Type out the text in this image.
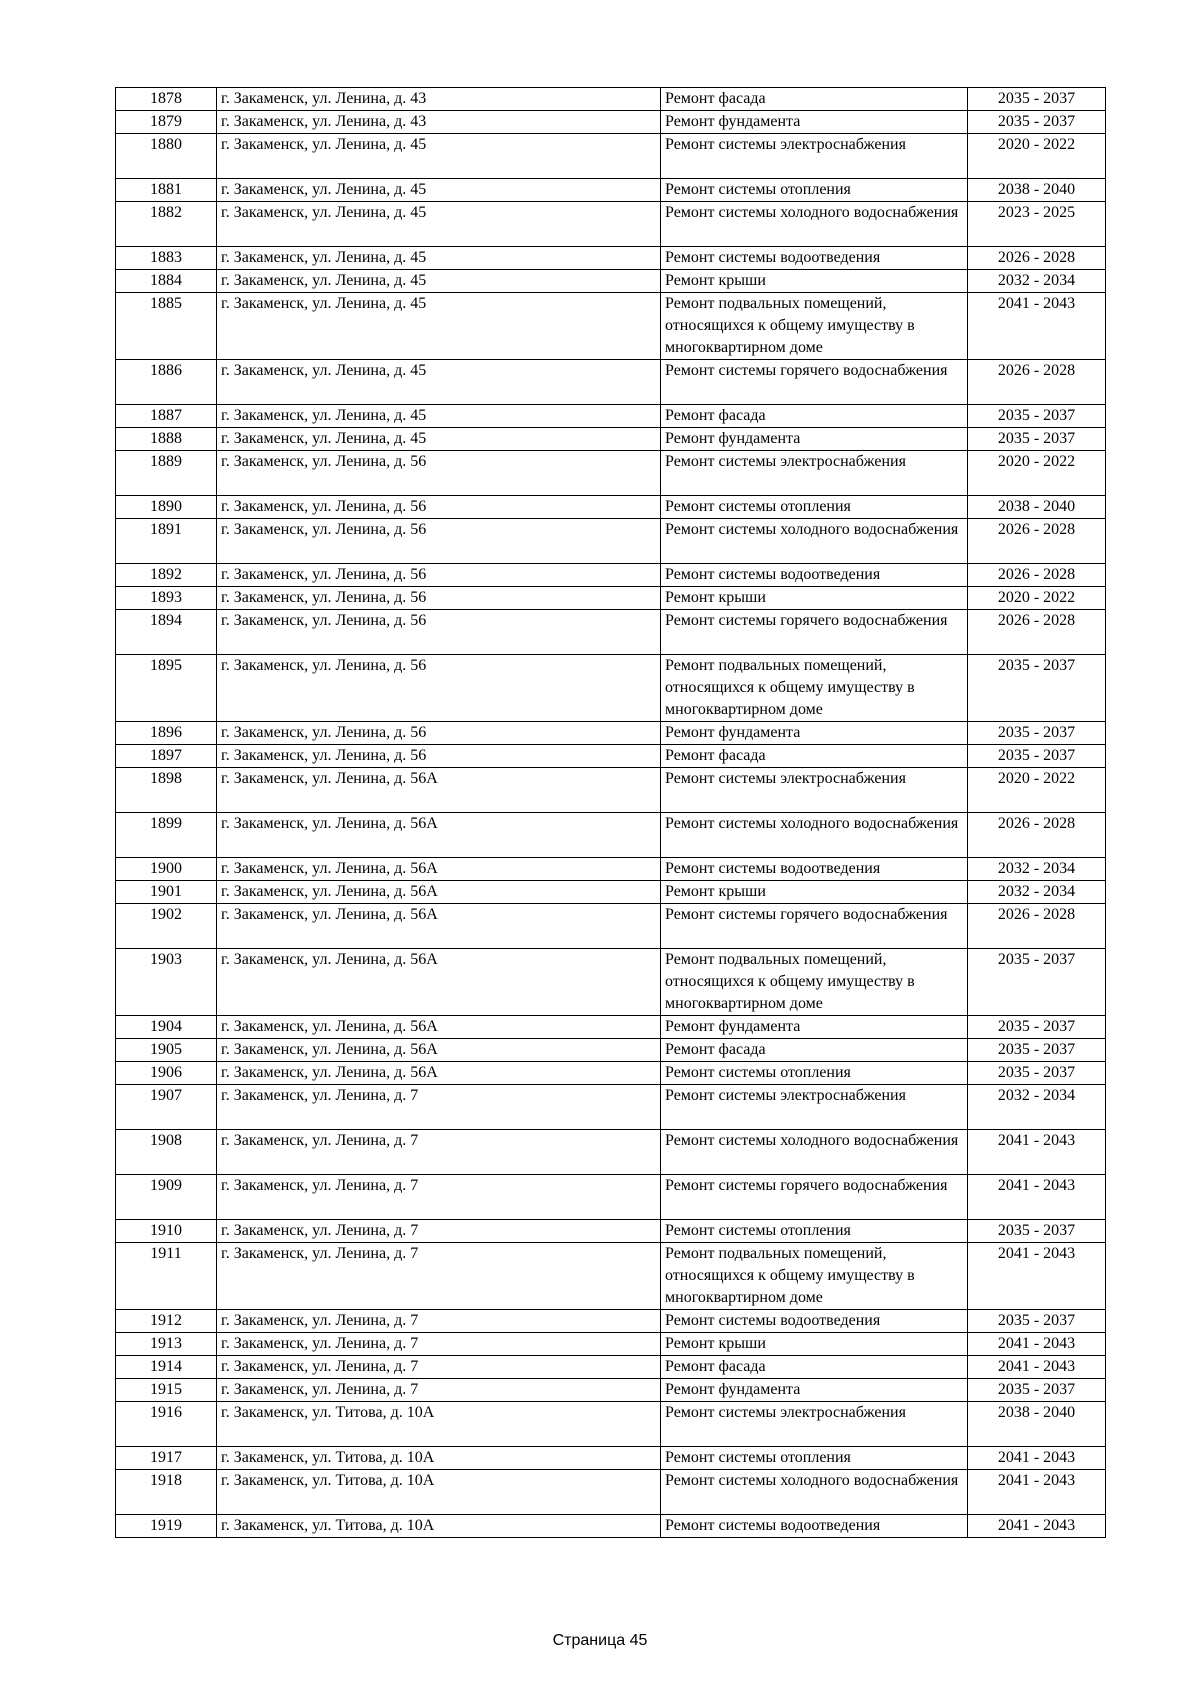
1878	г. Закаменск, ул. Ленина, д. 43	Ремонт фасада	2035 - 2037
1879	г. Закаменск, ул. Ленина, д. 43	Ремонт фундамента	2035 - 2037
1880	г. Закаменск, ул. Ленина, д. 45	Ремонт системы электроснабжения	2020 - 2022
1881	г. Закаменск, ул. Ленина, д. 45	Ремонт системы отопления	2038 - 2040
1882	г. Закаменск, ул. Ленина, д. 45	Ремонт системы холодного водоснабжения	2023 - 2025
1883	г. Закаменск, ул. Ленина, д. 45	Ремонт системы водоотведения	2026 - 2028
1884	г. Закаменск, ул. Ленина, д. 45	Ремонт крыши	2032 - 2034
1885	г. Закаменск, ул. Ленина, д. 45	Ремонт подвальных помещений, относящихся к общему имуществу в многоквартирном доме	2041 - 2043
1886	г. Закаменск, ул. Ленина, д. 45	Ремонт системы горячего водоснабжения	2026 - 2028
1887	г. Закаменск, ул. Ленина, д. 45	Ремонт фасада	2035 - 2037
1888	г. Закаменск, ул. Ленина, д. 45	Ремонт фундамента	2035 - 2037
1889	г. Закаменск, ул. Ленина, д. 56	Ремонт системы электроснабжения	2020 - 2022
1890	г. Закаменск, ул. Ленина, д. 56	Ремонт системы отопления	2038 - 2040
1891	г. Закаменск, ул. Ленина, д. 56	Ремонт системы холодного водоснабжения	2026 - 2028
1892	г. Закаменск, ул. Ленина, д. 56	Ремонт системы водоотведения	2026 - 2028
1893	г. Закаменск, ул. Ленина, д. 56	Ремонт крыши	2020 - 2022
1894	г. Закаменск, ул. Ленина, д. 56	Ремонт системы горячего водоснабжения	2026 - 2028
1895	г. Закаменск, ул. Ленина, д. 56	Ремонт подвальных помещений, относящихся к общему имуществу в многоквартирном доме	2035 - 2037
1896	г. Закаменск, ул. Ленина, д. 56	Ремонт фундамента	2035 - 2037
1897	г. Закаменск, ул. Ленина, д. 56	Ремонт фасада	2035 - 2037
1898	г. Закаменск, ул. Ленина, д. 56А	Ремонт системы электроснабжения	2020 - 2022
1899	г. Закаменск, ул. Ленина, д. 56А	Ремонт системы холодного водоснабжения	2026 - 2028
1900	г. Закаменск, ул. Ленина, д. 56А	Ремонт системы водоотведения	2032 - 2034
1901	г. Закаменск, ул. Ленина, д. 56А	Ремонт крыши	2032 - 2034
1902	г. Закаменск, ул. Ленина, д. 56А	Ремонт системы горячего водоснабжения	2026 - 2028
1903	г. Закаменск, ул. Ленина, д. 56А	Ремонт подвальных помещений, относящихся к общему имуществу в многоквартирном доме	2035 - 2037
1904	г. Закаменск, ул. Ленина, д. 56А	Ремонт фундамента	2035 - 2037
1905	г. Закаменск, ул. Ленина, д. 56А	Ремонт фасада	2035 - 2037
1906	г. Закаменск, ул. Ленина, д. 56А	Ремонт системы отопления	2035 - 2037
1907	г. Закаменск, ул. Ленина, д. 7	Ремонт системы электроснабжения	2032 - 2034
1908	г. Закаменск, ул. Ленина, д. 7	Ремонт системы холодного водоснабжения	2041 - 2043
1909	г. Закаменск, ул. Ленина, д. 7	Ремонт системы горячего водоснабжения	2041 - 2043
1910	г. Закаменск, ул. Ленина, д. 7	Ремонт системы отопления	2035 - 2037
1911	г. Закаменск, ул. Ленина, д. 7	Ремонт подвальных помещений, относящихся к общему имуществу в многоквартирном доме	2041 - 2043
1912	г. Закаменск, ул. Ленина, д. 7	Ремонт системы водоотведения	2035 - 2037
1913	г. Закаменск, ул. Ленина, д. 7	Ремонт крыши	2041 - 2043
1914	г. Закаменск, ул. Ленина, д. 7	Ремонт фасада	2041 - 2043
1915	г. Закаменск, ул. Ленина, д. 7	Ремонт фундамента	2035 - 2037
1916	г. Закаменск, ул. Титова, д. 10А	Ремонт системы электроснабжения	2038 - 2040
1917	г. Закаменск, ул. Титова, д. 10А	Ремонт системы отопления	2041 - 2043
1918	г. Закаменск, ул. Титова, д. 10А	Ремонт системы холодного водоснабжения	2041 - 2043
1919	г. Закаменск, ул. Титова, д. 10А	Ремонт системы водоотведения	2041 - 2043
Страница 45
